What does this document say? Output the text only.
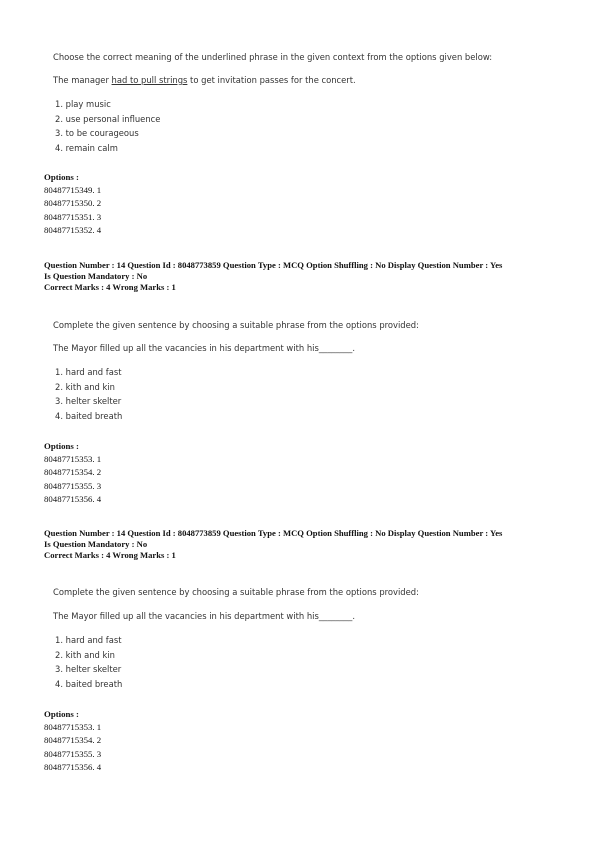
Choose the correct meaning of the underlined phrase in the given context from the options given below:
The manager had to pull strings to get invitation passes for the concert.
1. play music
2. use personal influence
3. to be courageous
4. remain calm
Options :
80487715349. 1
80487715350. 2
80487715351. 3
80487715352. 4
Question Number : 14 Question Id : 8048773859 Question Type : MCQ Option Shuffling : No Display Question Number : Yes
Is Question Mandatory : No
Correct Marks : 4 Wrong Marks : 1
Complete the given sentence by choosing a suitable phrase from the options provided:
The Mayor filled up all the vacancies in his department with his________.
1. hard and fast
2. kith and kin
3. helter skelter
4. baited breath
Options :
80487715353. 1
80487715354. 2
80487715355. 3
80487715356. 4
Question Number : 14 Question Id : 8048773859 Question Type : MCQ Option Shuffling : No Display Question Number : Yes
Is Question Mandatory : No
Correct Marks : 4 Wrong Marks : 1
Complete the given sentence by choosing a suitable phrase from the options provided:
The Mayor filled up all the vacancies in his department with his________.
1. hard and fast
2. kith and kin
3. helter skelter
4. baited breath
Options :
80487715353. 1
80487715354. 2
80487715355. 3
80487715356. 4
